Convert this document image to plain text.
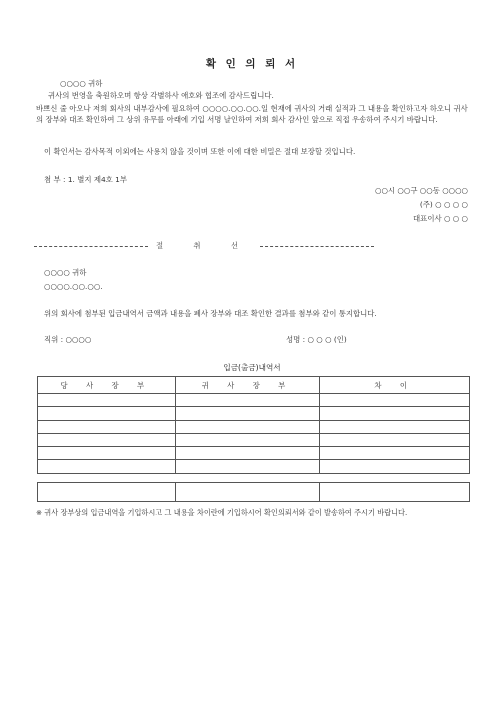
확 인 의 뢰 서
○○○○ 귀하
귀사의 번영을 축원하오며 항상 각별하사 애호와 협조에 감사드립니다.
바쁘신 줄 아오나 저희 회사의 내부감사에 필요하여 ○○○○.○○.○○.일 현재에 귀사의 거래 실적과 그 내용을 확인하고자 하오니 귀사의 장부와 대조 확인하여 그 상위 유무를 아래에 기입 서명 날인하여 저희 회사 감사인 앞으로 직접 우송하여 주시기 바랍니다.
이 확인서는 감사목적 이외에는 사용치 않을 것이며 또한 이에 대한 비밀은 절대 보장할 것입니다.
첨 부 : 1. 별지 제4호 1부
○○시 ○○구 ○○동 ○○○○
(주) ○ ○ ○ ○
대표이사 ○ ○ ○
절 취 선
○○○○ 귀하
○○○○.○○.○○.
위의 회사에 첨부된 입금내역서 금액과 내용을 폐사 장부와 대조 확인한 결과를 첨부와 같이 통지합니다.
직위 : ○○○○	성명 : ○ ○ ○ (인)
입금(출금)내역서
당 사 장 부	귀 사 장 부	차 이

※ 귀사 장부상의 입금내역을 기입하시고 그 내용을 차이란에 기입하시어 확인의뢰서와 같이 발송하여 주시기 바랍니다.
